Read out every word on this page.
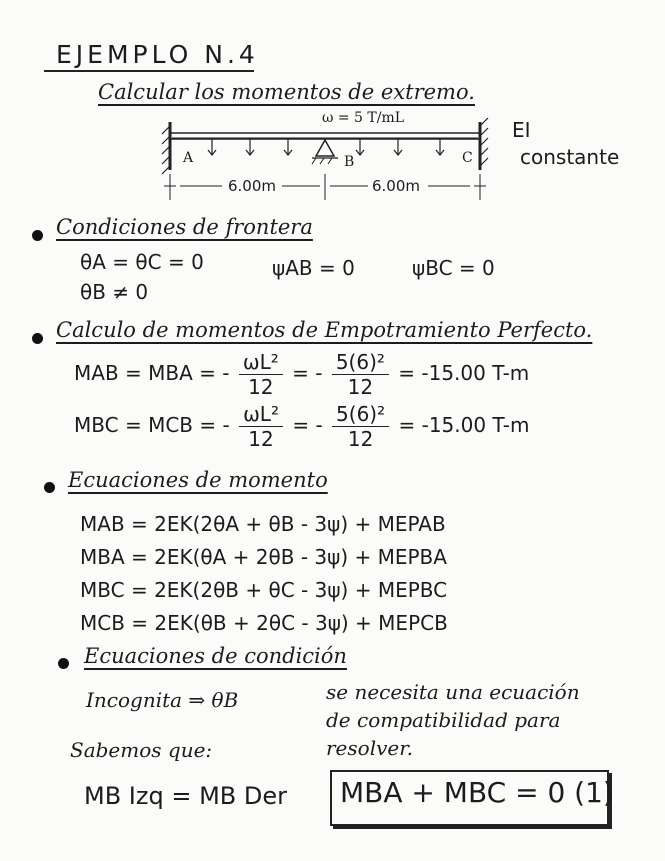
EJEMPLO N.4
Calcular los momentos de extremo.
ω = 5 T/mL	EI
constante
A	B	C
6.00m	6.00m
Condiciones de frontera
θA = θC = 0
θB ≠ 0
ψAB = 0	ψBC = 0
Calculo de momentos de Empotramiento Perfecto.
MAB = MBA = - $\frac{\text{ωL²}}{12}$ = - $\frac{\text{5(6)²}}{12} = -15.00$ T-m
MBC = MCB = - $\frac{\text{ωL²}}{12}$ = - $\frac{\text{5(6)²}}{12} = -15.00$ T-m
Ecuaciones de momento
MAB = 2EK(2θA + θB - 3ψ) + MEPAB
MBA = 2EK(θA + 2θB - 3ψ) + MEPBA
MBC = 2EK(2θB + θC - 3ψ) + MEPBC
MCB = 2EK(θB + 2θC - 3ψ) + MEPCB
Ecuaciones de condición
Incognita ⇒ θB	se necesita una ecuación
de compatibilidad para
resolver.
Sabemos que:
MB Izq = MB Der MBA + MBC = 0 (1)
